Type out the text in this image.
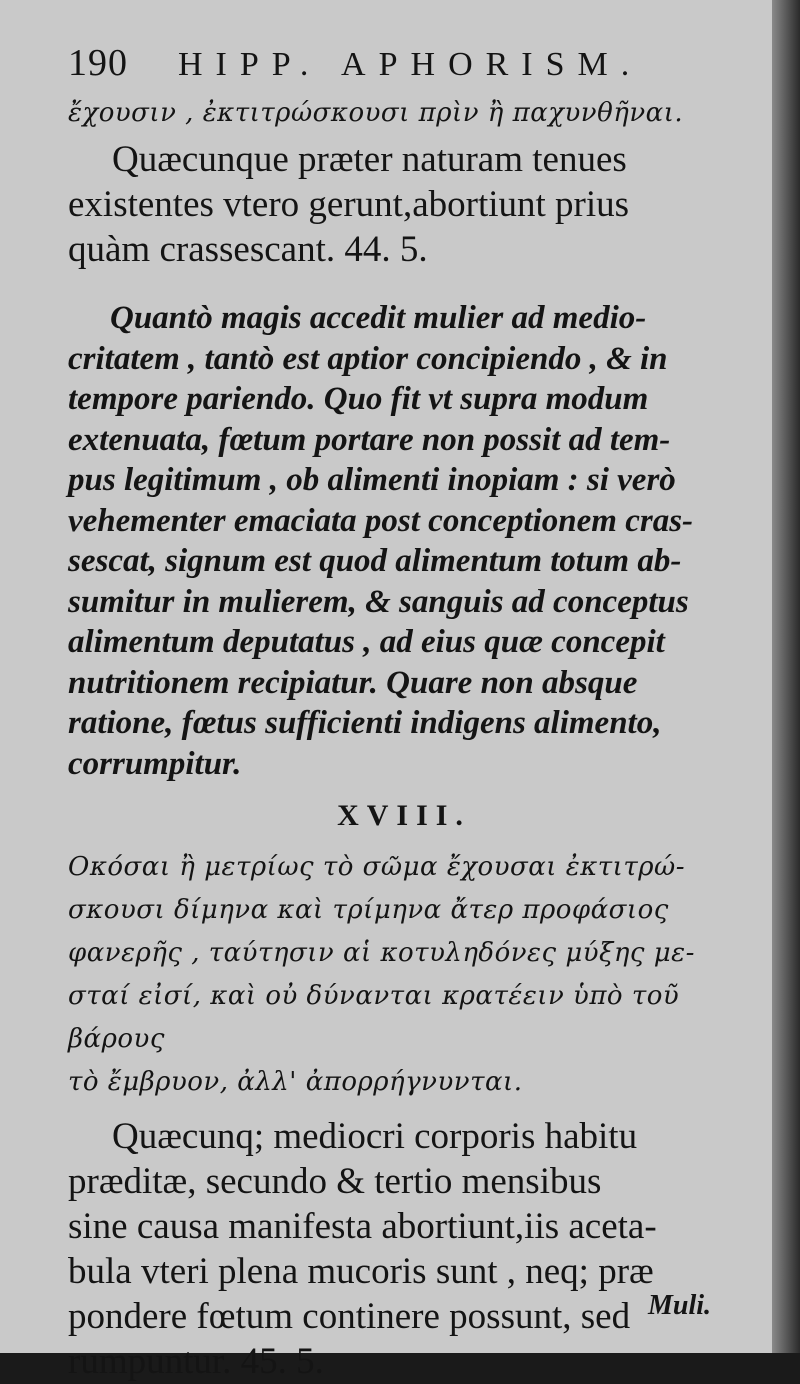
190	HIPP. APHORISM.
ἔχουσιν , ἐκτιτρώσκουσι πρὶν ἢ παχυνθῆναι.

Quæcunque præter naturam tenues
existentes vtero gerunt,abortiunt prius
quàm crassescant. 44. 5.

Quantò magis accedit mulier ad medio-
critatem , tantò est aptior concipiendo , & in
tempore pariendo. Quo fit vt supra modum
extenuata, fœtum portare non possit ad tem-
pus legitimum , ob alimenti inopiam : si verò
vehementer emaciata post conceptionem cras-
sescat, signum est quod alimentum totum ab-
sumitur in mulierem, & sanguis ad conceptus
alimentum deputatus , ad eius quæ concepit
nutritionem recipiatur. Quare non absque
ratione, fœtus sufficienti indigens alimento,
corrumpitur.

XVIII.
Οκόσαι ἢ μετρίως τὸ σῶμα ἔχουσαι ἐκτιτρώ-
σκουσι δίμηνα καὶ τρίμηνα ἄτερ προφάσιος
φανερῆς , ταύτησιν αἱ κοτυληδόνες μύξης με-
σταί εἰσί, καὶ οὐ δύνανται κρατέειν ὑπὸ τοῦ βάρους
τὸ ἔμβρυον, ἀλλ' ἀπορρήγνυνται.

Quæcunq; mediocri corporis habitu
præditæ, secundo & tertio mensibus
sine causa manifesta abortiunt,iis aceta-
bula vteri plena mucoris sunt , neq; præ
pondere fœtum continere possunt, sed
rumpuntur. 45. 5.

Muli.
